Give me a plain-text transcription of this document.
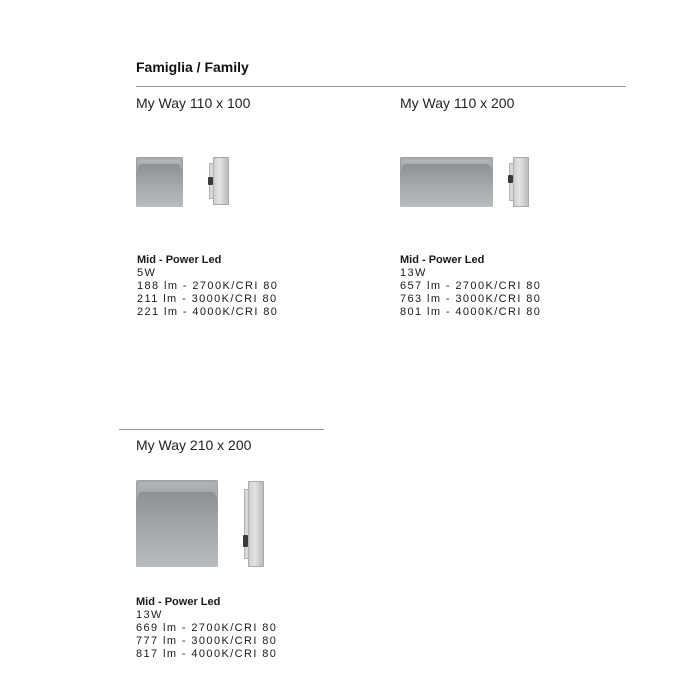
Famiglia / Family
My Way 110 x 100
Mid - Power Led
5W
188 lm - 2700K/CRI 80
211 lm - 3000K/CRI 80
221 lm - 4000K/CRI 80
My Way 110 x 200
Mid - Power Led
13W
657 lm - 2700K/CRI 80
763 lm - 3000K/CRI 80
801 lm - 4000K/CRI 80
My Way 210 x 200
Mid - Power Led
13W
669 lm - 2700K/CRI 80
777 lm - 3000K/CRI 80
817 lm - 4000K/CRI 80
